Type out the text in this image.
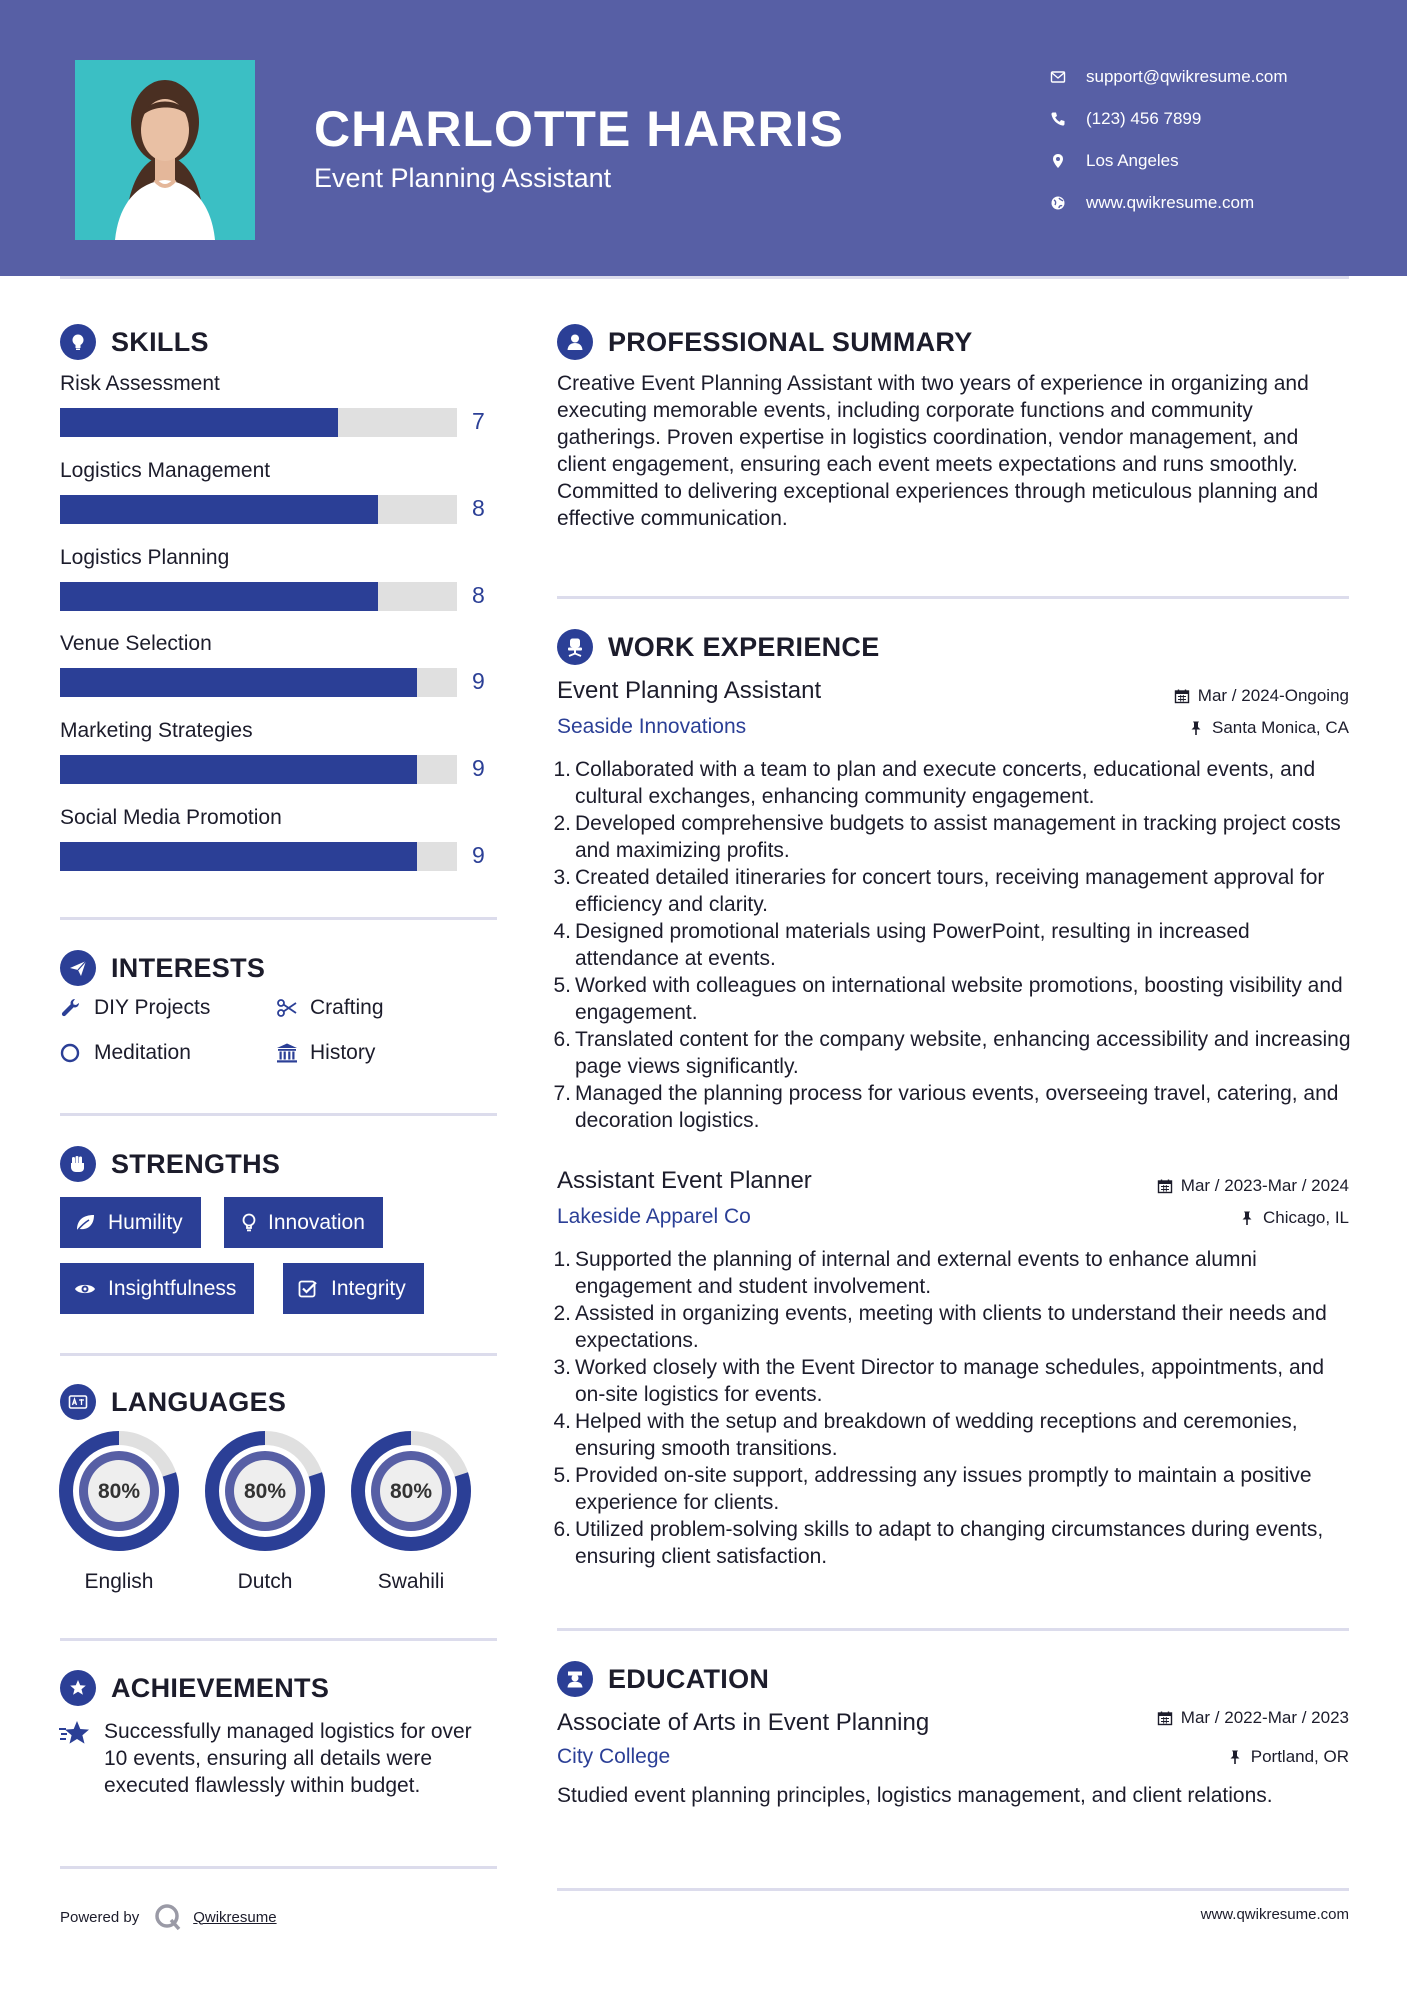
CHARLOTTE HARRIS
Event Planning Assistant
support@qwikresume.com
(123) 456 7899
Los Angeles
www.qwikresume.com
SKILLS
Risk Assessment
7
Logistics Management
8
Logistics Planning
8
Venue Selection
9
Marketing Strategies
9
Social Media Promotion
9
INTERESTS
DIY Projects	Crafting
Meditation	History
STRENGTHS
Humility	Innovation
Insightfulness	Integrity
LANGUAGES
80%
English
80%
Dutch
80%
Swahili
ACHIEVEMENTS
Successfully managed logistics for over 10 events, ensuring all details were executed flawlessly within budget.
PROFESSIONAL SUMMARY
Creative Event Planning Assistant with two years of experience in organizing and executing memorable events, including corporate functions and community gatherings. Proven expertise in logistics coordination, vendor management, and client engagement, ensuring each event meets expectations and runs smoothly. Committed to delivering exceptional experiences through meticulous planning and effective communication.
WORK EXPERIENCE
Event Planning Assistant	Mar / 2024-Ongoing
Seaside Innovations	Santa Monica, CA
1. Collaborated with a team to plan and execute concerts, educational events, and cultural exchanges, enhancing community engagement.
2. Developed comprehensive budgets to assist management in tracking project costs and maximizing profits.
3. Created detailed itineraries for concert tours, receiving management approval for efficiency and clarity.
4. Designed promotional materials using PowerPoint, resulting in increased attendance at events.
5. Worked with colleagues on international website promotions, boosting visibility and engagement.
6. Translated content for the company website, enhancing accessibility and increasing page views significantly.
7. Managed the planning process for various events, overseeing travel, catering, and decoration logistics.
Assistant Event Planner	Mar / 2023-Mar / 2024
Lakeside Apparel Co	Chicago, IL
1. Supported the planning of internal and external events to enhance alumni engagement and student involvement.
2. Assisted in organizing events, meeting with clients to understand their needs and expectations.
3. Worked closely with the Event Director to manage schedules, appointments, and on-site logistics for events.
4. Helped with the setup and breakdown of wedding receptions and ceremonies, ensuring smooth transitions.
5. Provided on-site support, addressing any issues promptly to maintain a positive experience for clients.
6. Utilized problem-solving skills to adapt to changing circumstances during events, ensuring client satisfaction.
EDUCATION
Associate of Arts in Event Planning	Mar / 2022-Mar / 2023
City College	Portland, OR
Studied event planning principles, logistics management, and client relations.
Powered by	Qwikresume	www.qwikresume.com
